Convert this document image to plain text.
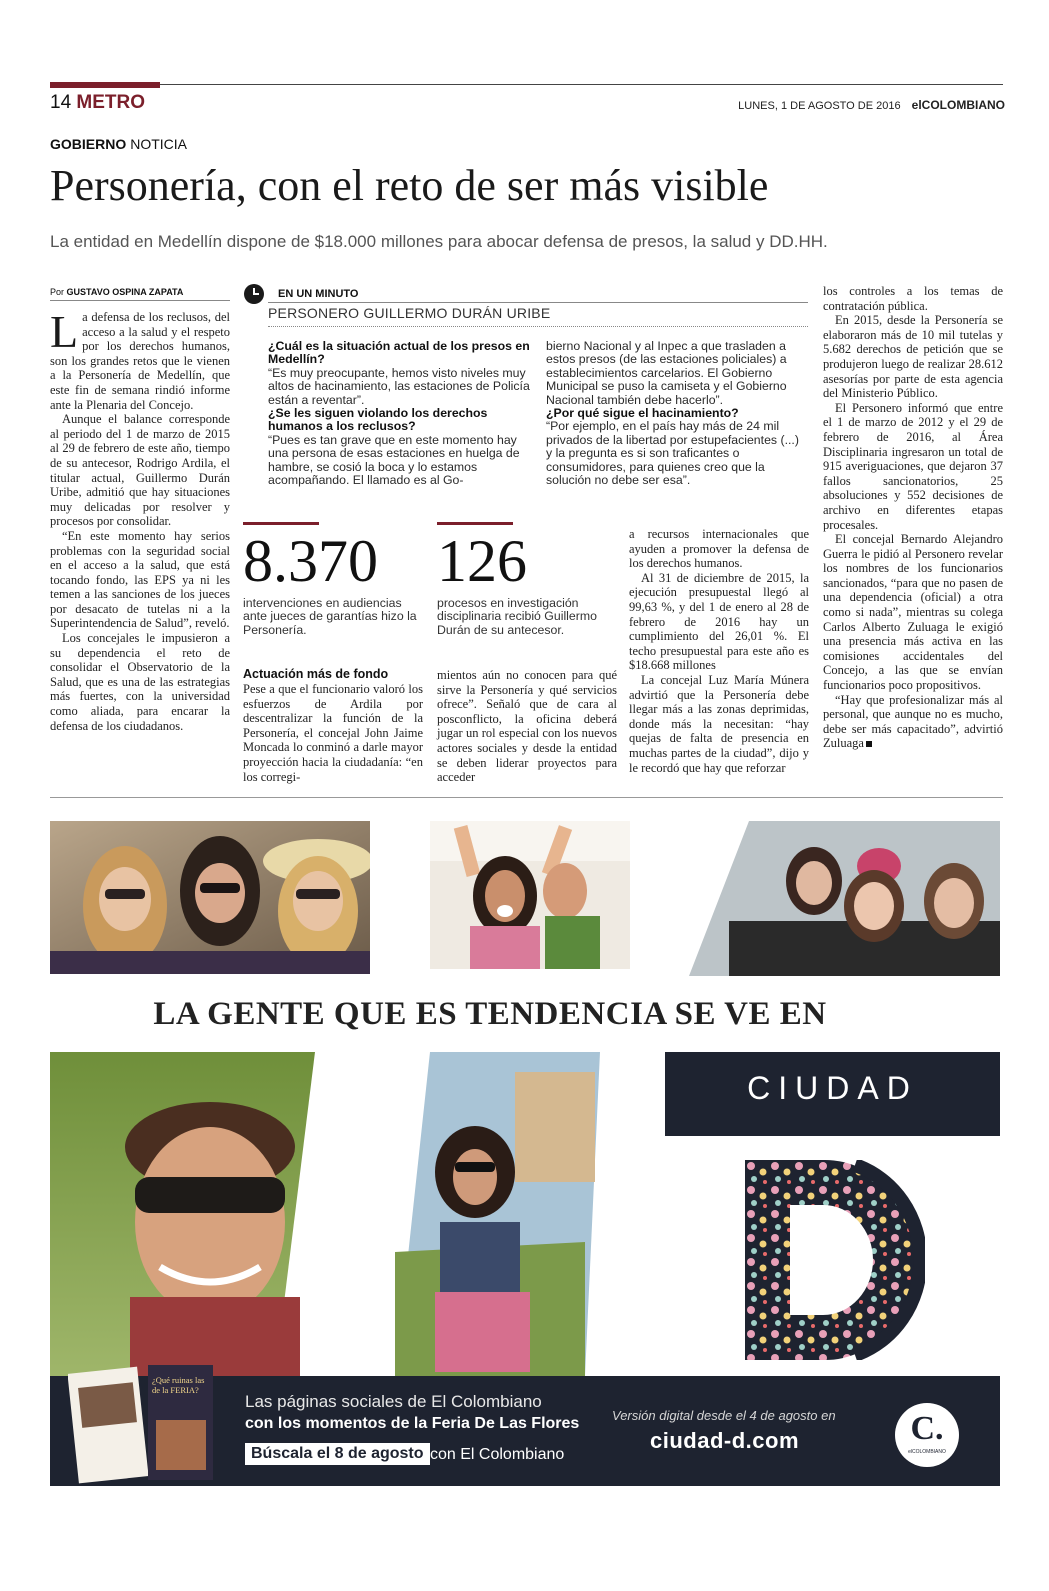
14 METRO	LUNES, 1 DE AGOSTO DE 2016 elCOLOMBIANO
GOBIERNO NOTICIA
Personería, con el reto de ser más visible
La entidad en Medellín dispone de $18.000 millones para abocar defensa de presos, la salud y DD.HH.
Por GUSTAVO OSPINA ZAPATA

La defensa de los reclusos, del acceso a la salud y el respeto por los derechos humanos, son los grandes retos que le vienen a la Personería de Medellín, que este fin de semana rindió informe ante la Plenaria del Concejo.

Aunque el balance corresponde al periodo del 1 de marzo de 2015 al 29 de febrero de este año, tiempo de su antecesor, Rodrigo Ardila, el titular actual, Guillermo Durán Uribe, admitió que hay situaciones muy delicadas por resolver y procesos por consolidar.

“En este momento hay serios problemas con la seguridad social en el acceso a la salud, que está tocando fondo, las EPS ya ni les temen a las sanciones de los jueces por desacato de tutelas ni a la Superintendencia de Salud”, reveló.

Los concejales le impusieron a su dependencia el reto de consolidar el Observatorio de la Salud, que es una de las estrategias más fuertes, con la universidad como aliada, para encarar la defensa de los ciudadanos.

EN UN MINUTO
PERSONERO GUILLERMO DURÁN URIBE
¿Cuál es la situación actual de los presos en Medellín?
“Es muy preocupante, hemos visto niveles muy altos de hacinamiento, las estaciones de Policía están a reventar”.
¿Se les siguen violando los derechos humanos a los reclusos?
“Pues es tan grave que en este momento hay una persona de esas estaciones en huelga de hambre, se cosió la boca y lo estamos acompañando. El llamado es al Go-
bierno Nacional y al Inpec a que trasladen a estos presos (de las estaciones policiales) a establecimientos carcelarios. El Gobierno Municipal se puso la camiseta y el Gobierno Nacional también debe hacerlo”.
¿Por qué sigue el hacinamiento?
“Por ejemplo, en el país hay más de 24 mil privados de la libertad por estupefacientes (...) y la pregunta es si son traficantes o consumidores, para quienes creo que la solución no debe ser esa”.
8.370 126
intervenciones en audiencias ante jueces de garantías hizo la Personería.
procesos en investigación disciplinaria recibió Guillermo Durán de su antecesor.
Actuación más de fondo

Pese a que el funcionario valoró los esfuerzos de Ardila por descentralizar la función de la Personería, el concejal John Jaime Moncada lo conminó a darle mayor proyección hacia la ciudadanía: “en los corregi-

mientos aún no conocen para qué sirve la Personería y qué servicios ofrece”. Señaló que de cara al posconflicto, la oficina deberá jugar un rol especial con los nuevos actores sociales y desde la entidad se deben liderar proyectos para acceder

a recursos internacionales que ayuden a promover la defensa de los derechos humanos.

Al 31 de diciembre de 2015, la ejecución presupuestal llegó al 99,63 %, y del 1 de enero al 28 de febrero de 2016 hay un cumplimiento del 26,01 %. El techo presupuestal para este año es $18.668 millones

La concejal Luz María Múnera advirtió que la Personería debe llegar más a las zonas deprimidas, donde más la necesitan: “hay quejas de falta de presencia en muchas partes de la ciudad”, dijo y le recordó que hay que reforzar

los controles a los temas de contratación pública.

En 2015, desde la Personería se elaboraron más de 10 mil tutelas y 5.682 derechos de petición que se produjeron luego de realizar 28.612 asesorías por parte de esta agencia del Ministerio Público.

El Personero informó que entre el 1 de marzo de 2012 y el 29 de febrero de 2016, al Área Disciplinaria ingresaron un total de 915 averiguaciones, que dejaron 37 fallos sancionatorios, 25 absoluciones y 552 decisiones de archivo en diferentes etapas procesales.

El concejal Bernardo Alejandro Guerra le pidió al Personero revelar los nombres de los funcionarios sancionados, “para que no pasen de una dependencia (oficial) a otra como si nada”, mientras su colega Carlos Alberto Zuluaga le exigió una presencia más activa en las comisiones accidentales del Concejo, a las que se envían funcionarios poco propositivos.

“Hay que profesionalizar más al personal, que aunque no es mucho, debe ser más capacitado”, advirtió Zuluaga

LA GENTE QUE ES TENDENCIA SE VE EN
CIUDAD
¿Qué ruinas las de la FERIA?
Las páginas sociales de El Colombiano
con los momentos de la Feria De Las Flores
Búscala el 8 de agosto con El Colombiano
Versión digital desde el 4 de agosto en
ciudad-d.com	C.
elCOLOMBIANO
